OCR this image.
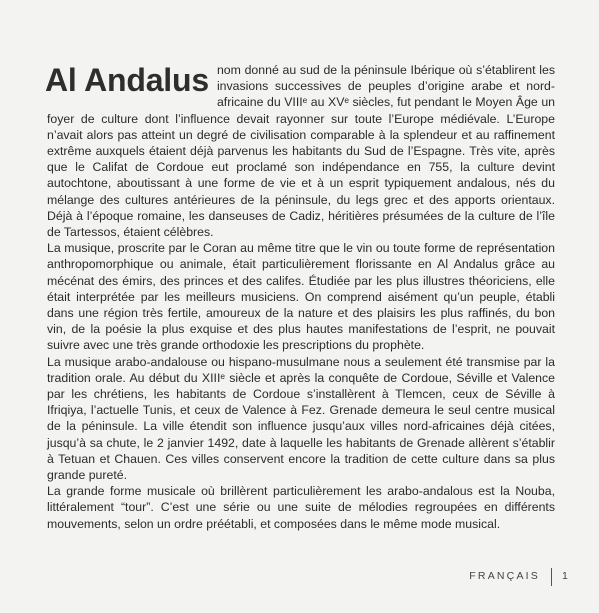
Al Andalus nom donné au sud de la péninsule Ibérique où s’établirent les invasions successives de peuples d’origine arabe et nord-africaine du VIIIᵉ au XVᵉ siècles, fut pendant le Moyen Âge un foyer de culture dont l’influence devait rayonner sur toute l’Europe médiévale. L’Europe n’avait alors pas atteint un degré de civilisation comparable à la splendeur et au raffinement extrême auxquels étaient déjà parvenus les habitants du Sud de l’Espagne. Très vite, après que le Califat de Cordoue eut proclamé son indépendance en 755, la culture devint autochtone, aboutissant à une forme de vie et à un esprit typiquement andalous, nés du mélange des cultures antérieures de la péninsule, du legs grec et des apports orientaux. Déjà à l’époque romaine, les danseuses de Cadiz, héritières présumées de la culture de l’île de Tartessos, étaient célèbres.

La musique, proscrite par le Coran au même titre que le vin ou toute forme de représentation anthropomorphique ou animale, était particulièrement florissante en Al Andalus grâce au mécénat des émirs, des princes et des califes. Étudiée par les plus illustres théoriciens, elle était interprétée par les meilleurs musiciens. On comprend aisément qu’un peuple, établi dans une région très fertile, amoureux de la nature et des plaisirs les plus raffinés, du bon vin, de la poésie la plus exquise et des plus hautes manifestations de l’esprit, ne pouvait suivre avec une très grande orthodoxie les prescriptions du prophète.

La musique arabo-andalouse ou hispano-musulmane nous a seulement été transmise par la tradition orale. Au début du XIIIᵉ siècle et après la conquête de Cordoue, Séville et Valence par les chrétiens, les habitants de Cordoue s’installèrent à Tlemcen, ceux de Séville à Ifriqiya, l’actuelle Tunis, et ceux de Valence à Fez. Grenade demeura le seul centre musical de la péninsule. La ville étendit son influence jusqu’aux villes nord-africaines déjà citées, jusqu’à sa chute, le 2 janvier 1492, date à laquelle les habitants de Grenade allèrent s’établir à Tetuan et Chauen. Ces villes conservent encore la tradition de cette culture dans sa plus grande pureté.

La grande forme musicale où brillèrent particulièrement les arabo-andalous est la Nouba, littéralement “tour”. C’est une série ou une suite de mélodies regroupées en différents mouvements, selon un ordre préétabli, et composées dans le même mode musical.

FRANÇAIS 1
